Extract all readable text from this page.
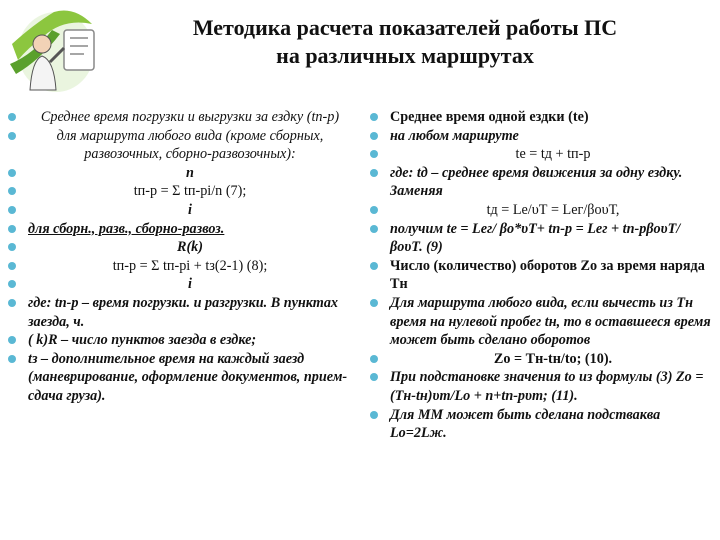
Методика расчета показателей работы ПС
на различных маршрутах
Среднее время погрузки и выгрузки за ездку (tп-р)
для маршрута любого вида (кроме сборных, развозочных, сборно-развозочных):
n
tп-р = Σ tп-рi/n (7);
i
для сборн., разв., сборно-развоз.
R(k)
tп-р = Σ tп-рi + tз(2-1) (8);
i
где: tп-р – время погрузки. и разгрузки. В пунктах заезда, ч.
( k)R – число пунктов заезда в ездке;
tз – дополнительное время на каждый заезд (маневрирование, оформление документов, прием-сдача груза).
Среднее время одной ездки (tе)
на любом маршруте
tе = tд + tп-р
где: tд – среднее время движения за одну ездку. Заменяя
tд = Lе/υТ = Lег/βоυТ,
получим tе = Lег/ βо*υТ+ tп-р = Lег + tп-рβоυТ/ βоυТ. (9)
Число (количество) оборотов Zо за время наряда Тн
Для маршрута любого вида, если вычесть из Тн время на нулевой пробег tн, то в оставшееся время может быть сделано оборотов
Zо = Тн-tн/tо; (10).
При подстановке значения tо из формулы (3) Zо = (Тн-tн)υт/Lо + n+tп-рυт; (11).
Для ММ может быть сделана подстваква Lо=2Lж.
